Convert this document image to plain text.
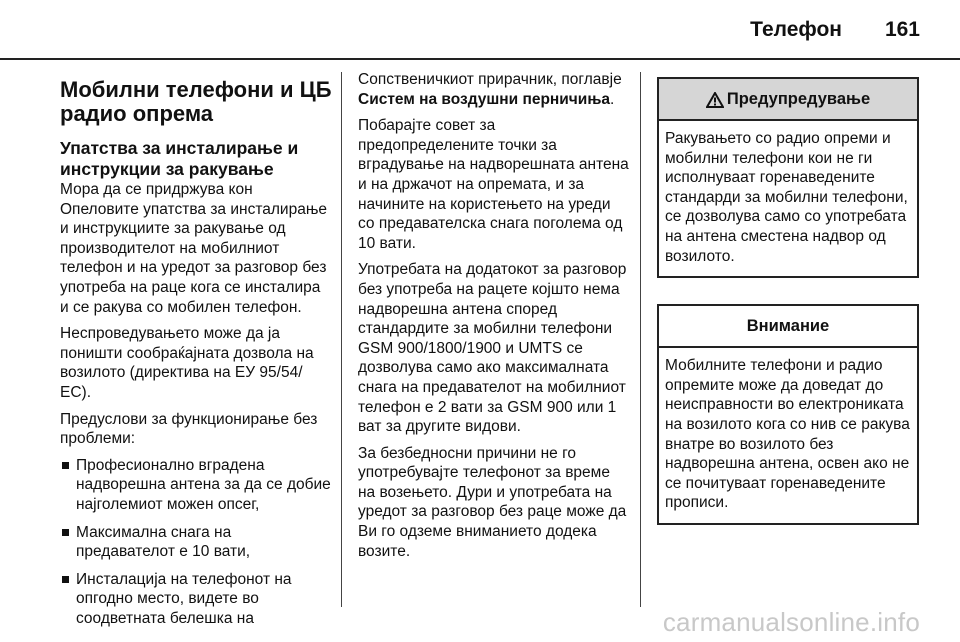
Телефон 161
Мобилни телефони и ЦБ радио опрема
Упатства за инсталирање и инструкции за ракување

Мора да се придржува кон Опеловите упатства за инсталирање и инструкциите за ракување од производителот на мобилниот телефон и на уредот за разговор без употреба на раце кога се инсталира и се ракува со мобилен телефон.

Неспроведувањето може да ја поништи сообраќајната дозвола на возилото (директива на ЕУ 95/54/ ЕС).

Предуслови за функционирање без проблеми:

Професионално вградена надворешна антена за да се добие најголемиот можен опсег,
Максимална снага на предавателот е 10 вати,
Инсталација на телефонот на опгодно место, видете во соодветната белешка на

Сопственичкиот прирачник, поглавје Систем на воздушни перничиња.

Побарајте совет за предопределените точки за вградување на надворешната антена и на држачот на опремата, и за начините на користењето на уреди со предавателска снага поголема од 10 вати.

Употребата на додатокот за разговор без употреба на рацете којшто нема надворешна антена според стандардите за мобилни телефони GSM 900/1800/1900 и UMTS се дозволува само ако максималната снага на предавателот на мобилниот телефон е 2 вати за GSM 900 или 1 ват за другите видови.

За безбедносни причини не го употребувајте телефонот за време на возењето. Дури и употребата на уредот за разговор без раце може да Ви го одземе вниманието додека возите.

Предупредување
Ракувањето со радио опреми и мобилни телефони кои не ги исполнуваат горенаведените стандарди за мобилни телефони, се дозволува само со употребата на антена сместена надвор од возилото.
Внимание
Мобилните телефони и радио опремите може да доведат до неисправности во електрониката на возилото кога со нив се ракува внатре во возилото без надворешна антена, освен ако не се почитуваат горенаведените прописи.
carmanualsonline.info
